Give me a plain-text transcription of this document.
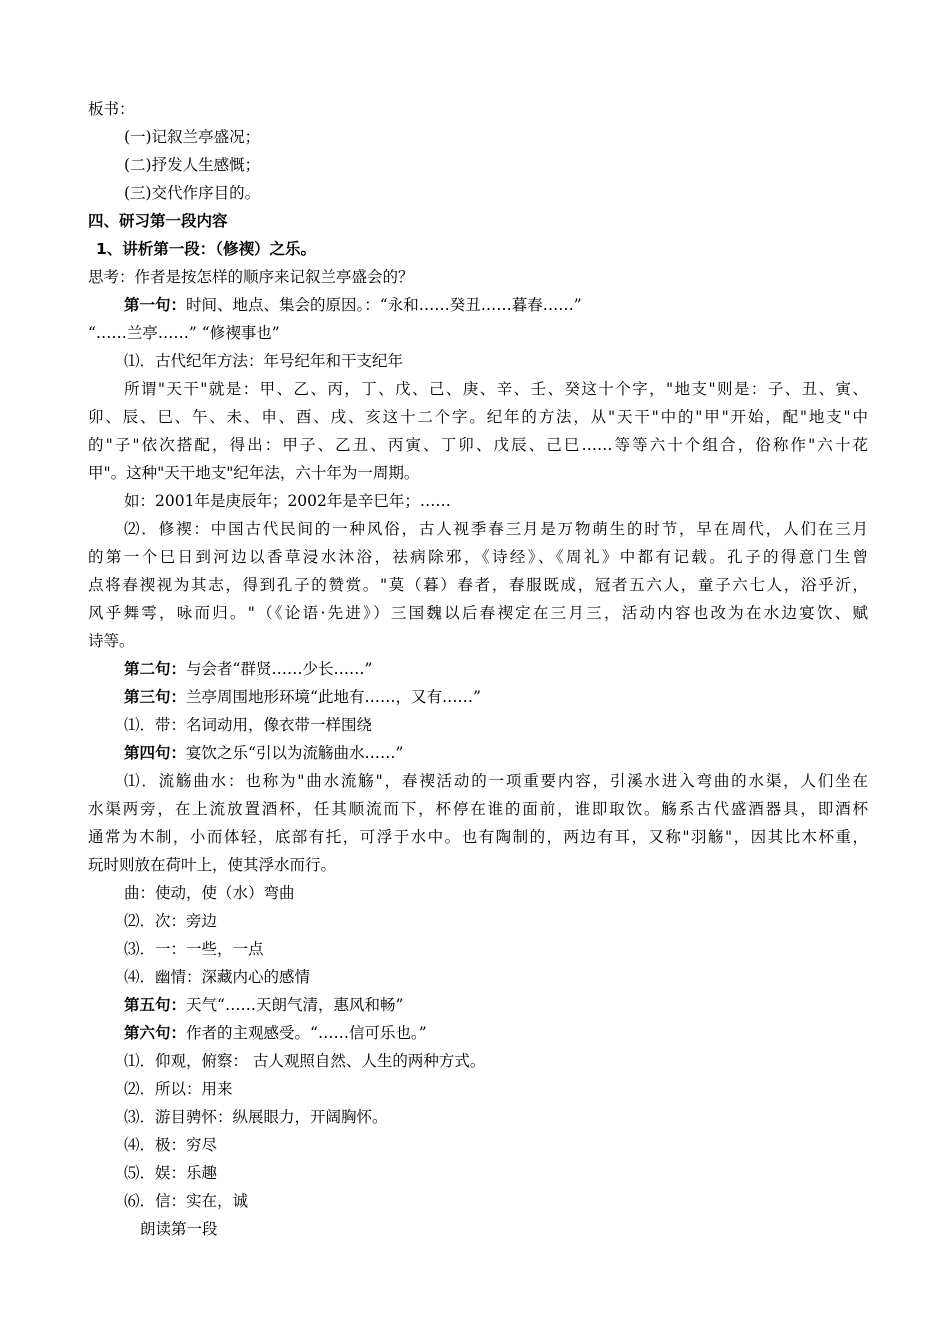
板书：
(一)记叙兰亭盛况；
(二)抒发人生感慨；
(三)交代作序目的。
四、研习第一段内容
1、讲析第一段：（修禊）之乐。
思考：作者是按怎样的顺序来记叙兰亭盛会的？
第一句：时间、地点、集会的原因。：“永和……癸丑……暮春……”
“……兰亭……” “修禊事也”
⑴．古代纪年方法：年号纪年和干支纪年
所谓"天干"就是：甲、乙、丙，丁、戊、己、庚、辛、壬、癸这十个字，"地支"则是：子、丑、寅、
卯、辰、巳、午、未、申、酉、戌、亥这十二个字。纪年的方法，从"天干"中的"甲"开始，配"地支"中
的"子"依次搭配，得出：甲子、乙丑、丙寅、丁卯、戊辰、己巳……等等六十个组合，俗称作"六十花
甲"。这种"天干地支"纪年法，六十年为一周期。
如：2001年是庚辰年；2002年是辛巳年；……
⑵．修禊：中国古代民间的一种风俗，古人视季春三月是万物萌生的时节，早在周代，人们在三月
的第一个巳日到河边以香草浸水沐浴，祛病除邪，《诗经》、《周礼》中都有记载。孔子的得意门生曾
点将春禊视为其志，得到孔子的赞赏。"莫（暮）春者，春服既成，冠者五六人，童子六七人，浴乎沂，
风乎舞雩，咏而归。"（《论语·先进》）三国魏以后春禊定在三月三，活动内容也改为在水边宴饮、赋
诗等。
第二句：与会者“群贤……少长……”
第三句：兰亭周围地形环境“此地有……，又有……”
⑴．带：名词动用，像衣带一样围绕
第四句：宴饮之乐“引以为流觞曲水……”
⑴．流觞曲水：也称为"曲水流觞"，春禊活动的一项重要内容，引溪水进入弯曲的水渠，人们坐在
水渠两旁，在上流放置酒杯，任其顺流而下，杯停在谁的面前，谁即取饮。觞系古代盛酒器具，即酒杯
通常为木制，小而体轻，底部有托，可浮于水中。也有陶制的，两边有耳，又称"羽觞"，因其比木杯重，
玩时则放在荷叶上，使其浮水而行。
曲：使动，使（水）弯曲
⑵．次：旁边
⑶．一：一些，一点
⑷．幽情：深藏内心的感情
第五句：天气“……天朗气清，惠风和畅”
第六句：作者的主观感受。“……信可乐也。”
⑴．仰观，俯察： 古人观照自然、人生的两种方式。
⑵．所以：用来
⑶．游目骋怀：纵展眼力，开阔胸怀。
⑷．极：穷尽
⑸．娱：乐趣
⑹．信：实在，诚
朗读第一段
